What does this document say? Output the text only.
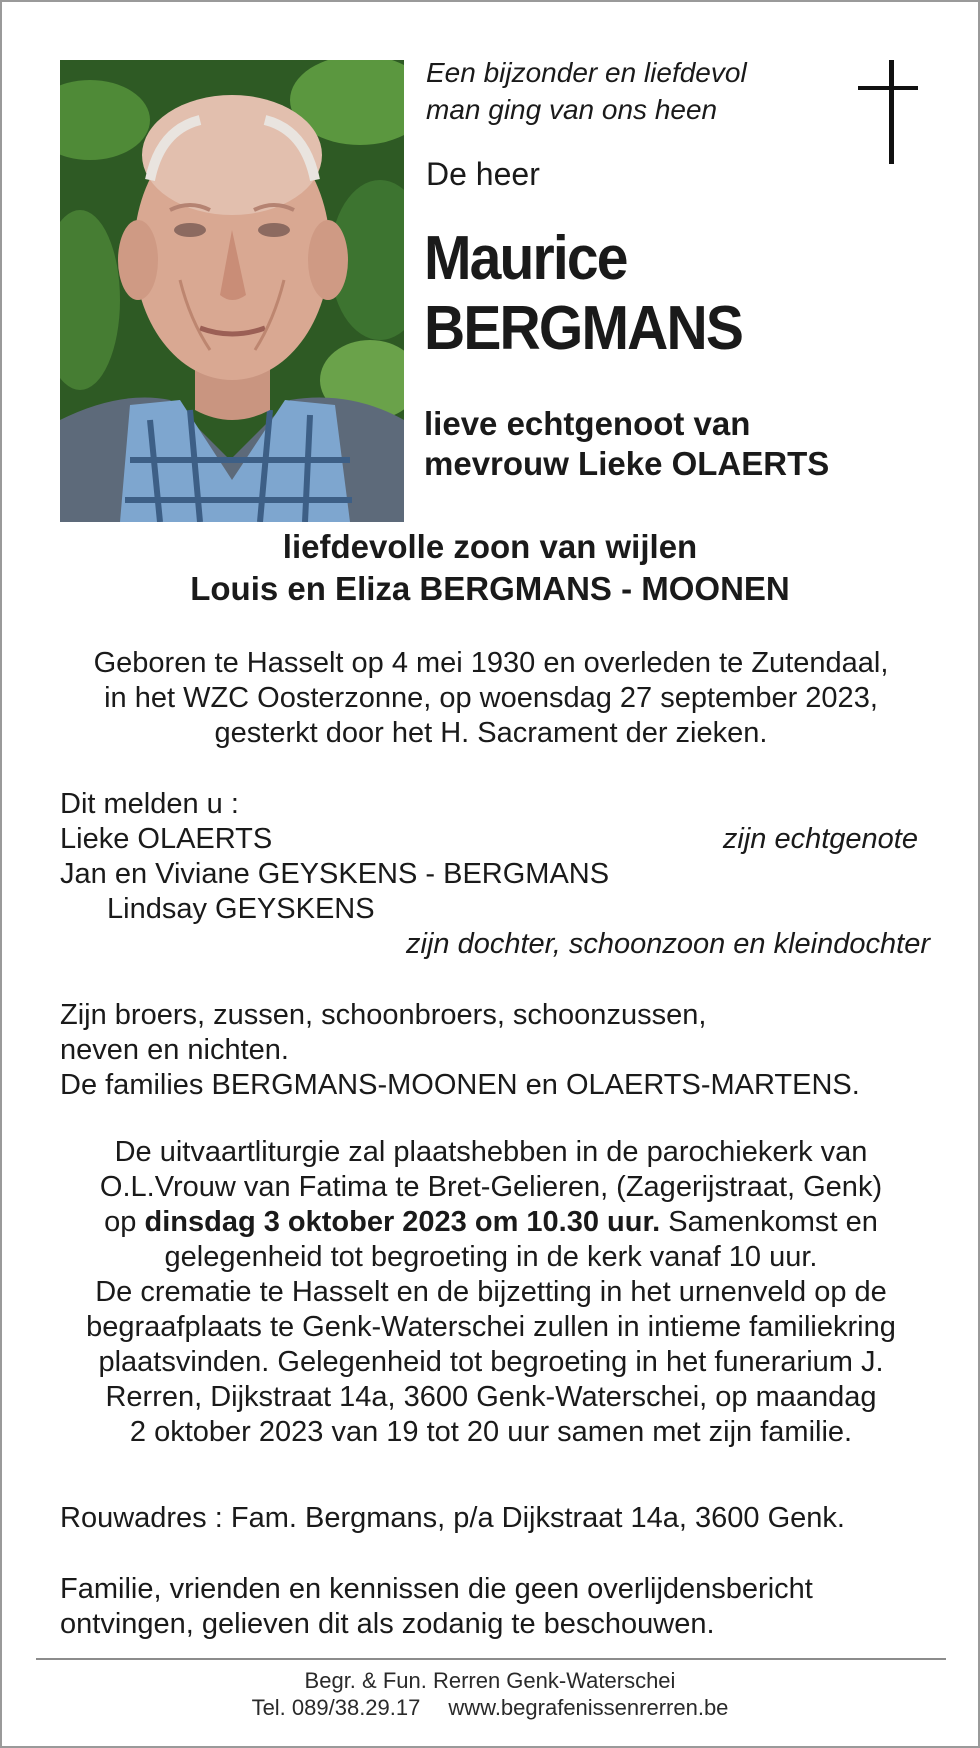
Een bijzonder en liefdevol
man ging van ons heen
De heer
Maurice
BERGMANS
lieve echtgenoot van
mevrouw Lieke OLAERTS
liefdevolle zoon van wijlen
Louis en Eliza BERGMANS - MOONEN
Geboren te Hasselt op 4 mei 1930 en overleden te Zutendaal,
in het WZC Oosterzonne, op woensdag 27 september 2023,
gesterkt door het H. Sacrament der zieken.
Dit melden u :
Lieke OLAERTS	zijn echtgenote
Jan en Viviane GEYSKENS - BERGMANS
Lindsay GEYSKENS
zijn dochter, schoonzoon en kleindochter
Zijn broers, zussen, schoonbroers, schoonzussen,
neven en nichten.
De families BERGMANS-MOONEN en OLAERTS-MARTENS.
De uitvaartliturgie zal plaatshebben in de parochiekerk van
O.L.Vrouw van Fatima te Bret-Gelieren, (Zagerijstraat, Genk)
op dinsdag 3 oktober 2023 om 10.30 uur. Samenkomst en
gelegenheid tot begroeting in de kerk vanaf 10 uur.
De crematie te Hasselt en de bijzetting in het urnenveld op de
begraafplaats te Genk-Waterschei zullen in intieme familiekring
plaatsvinden. Gelegenheid tot begroeting in het funerarium J.
Rerren, Dijkstraat 14a, 3600 Genk-Waterschei, op maandag
2 oktober 2023 van 19 tot 20 uur samen met zijn familie.
Rouwadres : Fam. Bergmans, p/a Dijkstraat 14a, 3600 Genk.
Familie, vrienden en kennissen die geen overlijdensbericht
ontvingen, gelieven dit als zodanig te beschouwen.
Begr. & Fun. Rerren Genk-Waterschei
Tel. 089/38.29.17 www.begrafenissenrerren.be
